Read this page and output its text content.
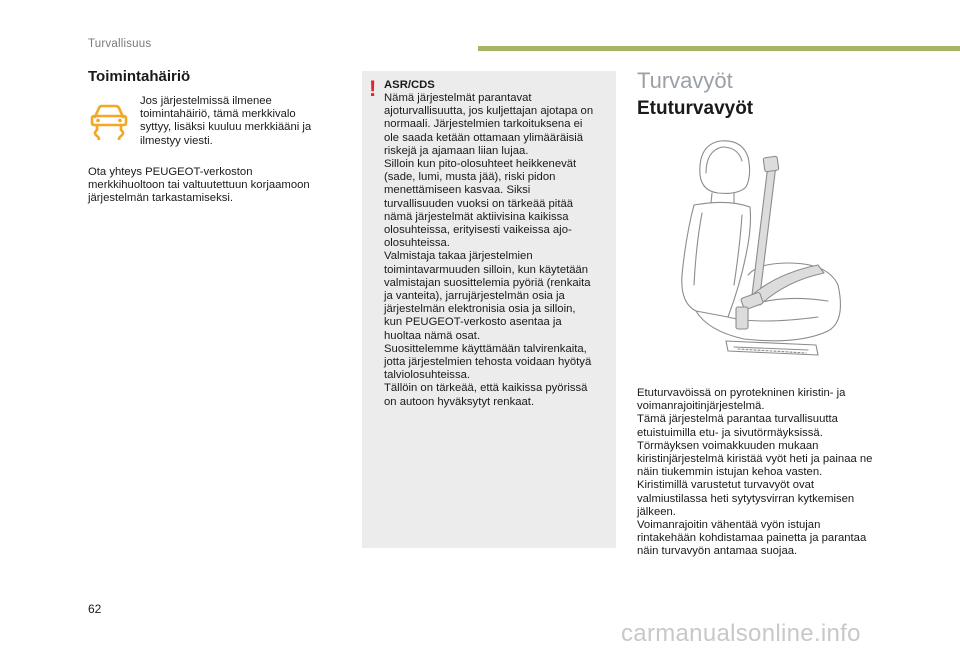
Turvallisuus
Toimintahäiriö
Jos järjestelmissä ilmenee
toimintahäiriö, tämä merkkivalo
syttyy, lisäksi kuuluu merkkiääni ja
ilmestyy viesti.
Ota yhteys PEUGEOT-verkoston
merkkihuoltoon tai valtuutettuun korjaamoon
järjestelmän tarkastamiseksi.
! ASR/CDS
Nämä järjestelmät parantavat
ajoturvallisuutta, jos kuljettajan ajotapa on
normaali. Järjestelmien tarkoituksena ei
ole saada ketään ottamaan ylimääräisiä
riskejä ja ajamaan liian lujaa.
Silloin kun pito-olosuhteet heikkenevät
(sade, lumi, musta jää), riski pidon
menettämiseen kasvaa. Siksi
turvallisuuden vuoksi on tärkeää pitää
nämä järjestelmät aktiivisina kaikissa
olosuhteissa, erityisesti vaikeissa ajo-
olosuhteissa.
Valmistaja takaa järjestelmien
toimintavarmuuden silloin, kun käytetään
valmistajan suosittelemia pyöriä (renkaita
ja vanteita), jarrujärjestelmän osia ja
järjestelmän elektronisia osia ja silloin,
kun PEUGEOT-verkosto asentaa ja
huoltaa nämä osat.
Suosittelemme käyttämään talvirenkaita,
jotta järjestelmien tehosta voidaan hyötyä
talviolosuhteissa.
Tällöin on tärkeää, että kaikissa pyörissä
on autoon hyväksytyt renkaat.
Turvavyöt
Etuturvavyöt
Etuturvavöissä on pyrotekninen kiristin- ja
voimanrajoitinjärjestelmä.
Tämä järjestelmä parantaa turvallisuutta
etuistuimilla etu- ja sivutörmäyksissä.
Törmäyksen voimakkuuden mukaan
kiristinjärjestelmä kiristää vyöt heti ja painaa ne
näin tiukemmin istujan kehoa vasten.
Kiristimillä varustetut turvavyöt ovat
valmiustilassa heti sytytysvirran kytkemisen
jälkeen.
Voimanrajoitin vähentää vyön istujan
rintakehään kohdistamaa painetta ja parantaa
näin turvavyön antamaa suojaa.
62
carmanualsonline.info
